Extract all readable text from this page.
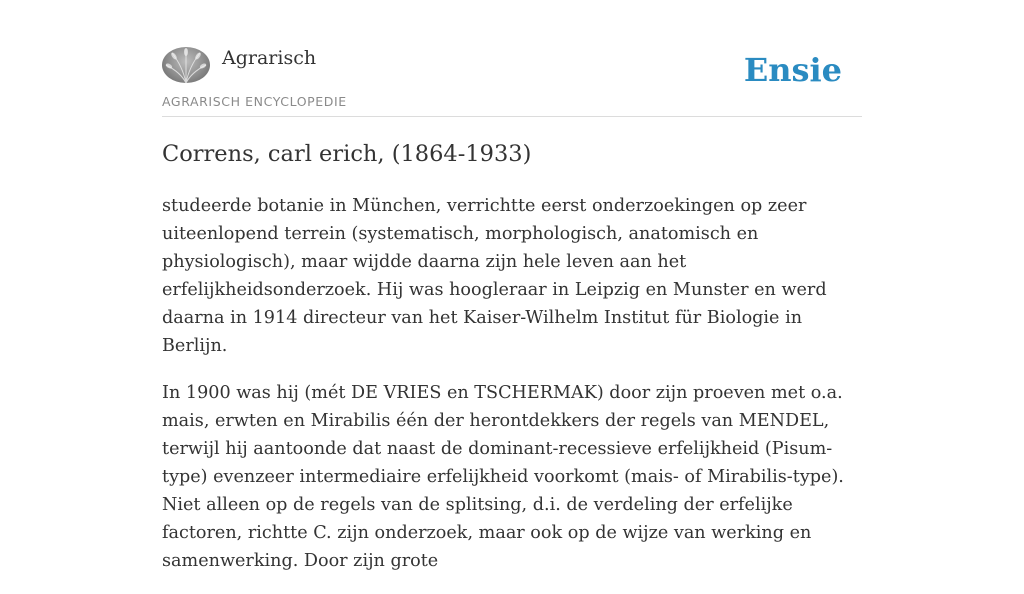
Agrarisch
AGRARISCH ENCYCLOPEDIE
Ensie
Correns, carl erich, (1864-1933)

studeerde botanie in München, verrichtte eerst onderzoekingen op zeer uiteenlopend terrein (systematisch, morphologisch, anatomisch en physiologisch), maar wijdde daarna zijn hele leven aan het erfelijkheidsonderzoek. Hij was hoogleraar in Leipzig en Munster en werd daarna in 1914 directeur van het Kaiser-Wilhelm Institut für Biologie in Berlijn.

In 1900 was hij (mét DE VRIES en TSCHERMAK) door zijn proeven met o.a. mais, erwten en Mirabilis één der herontdekkers der regels van MENDEL, terwijl hij aantoonde dat naast de dominant-recessieve erfelijkheid (Pisum-type) evenzeer intermediaire erfelijkheid voorkomt (mais- of Mirabilis-type). Niet alleen op de regels van de splitsing, d.i. de verdeling der erfelijke factoren, richtte C. zijn onderzoek, maar ook op de wijze van werking en samenwerking. Door zijn grote
